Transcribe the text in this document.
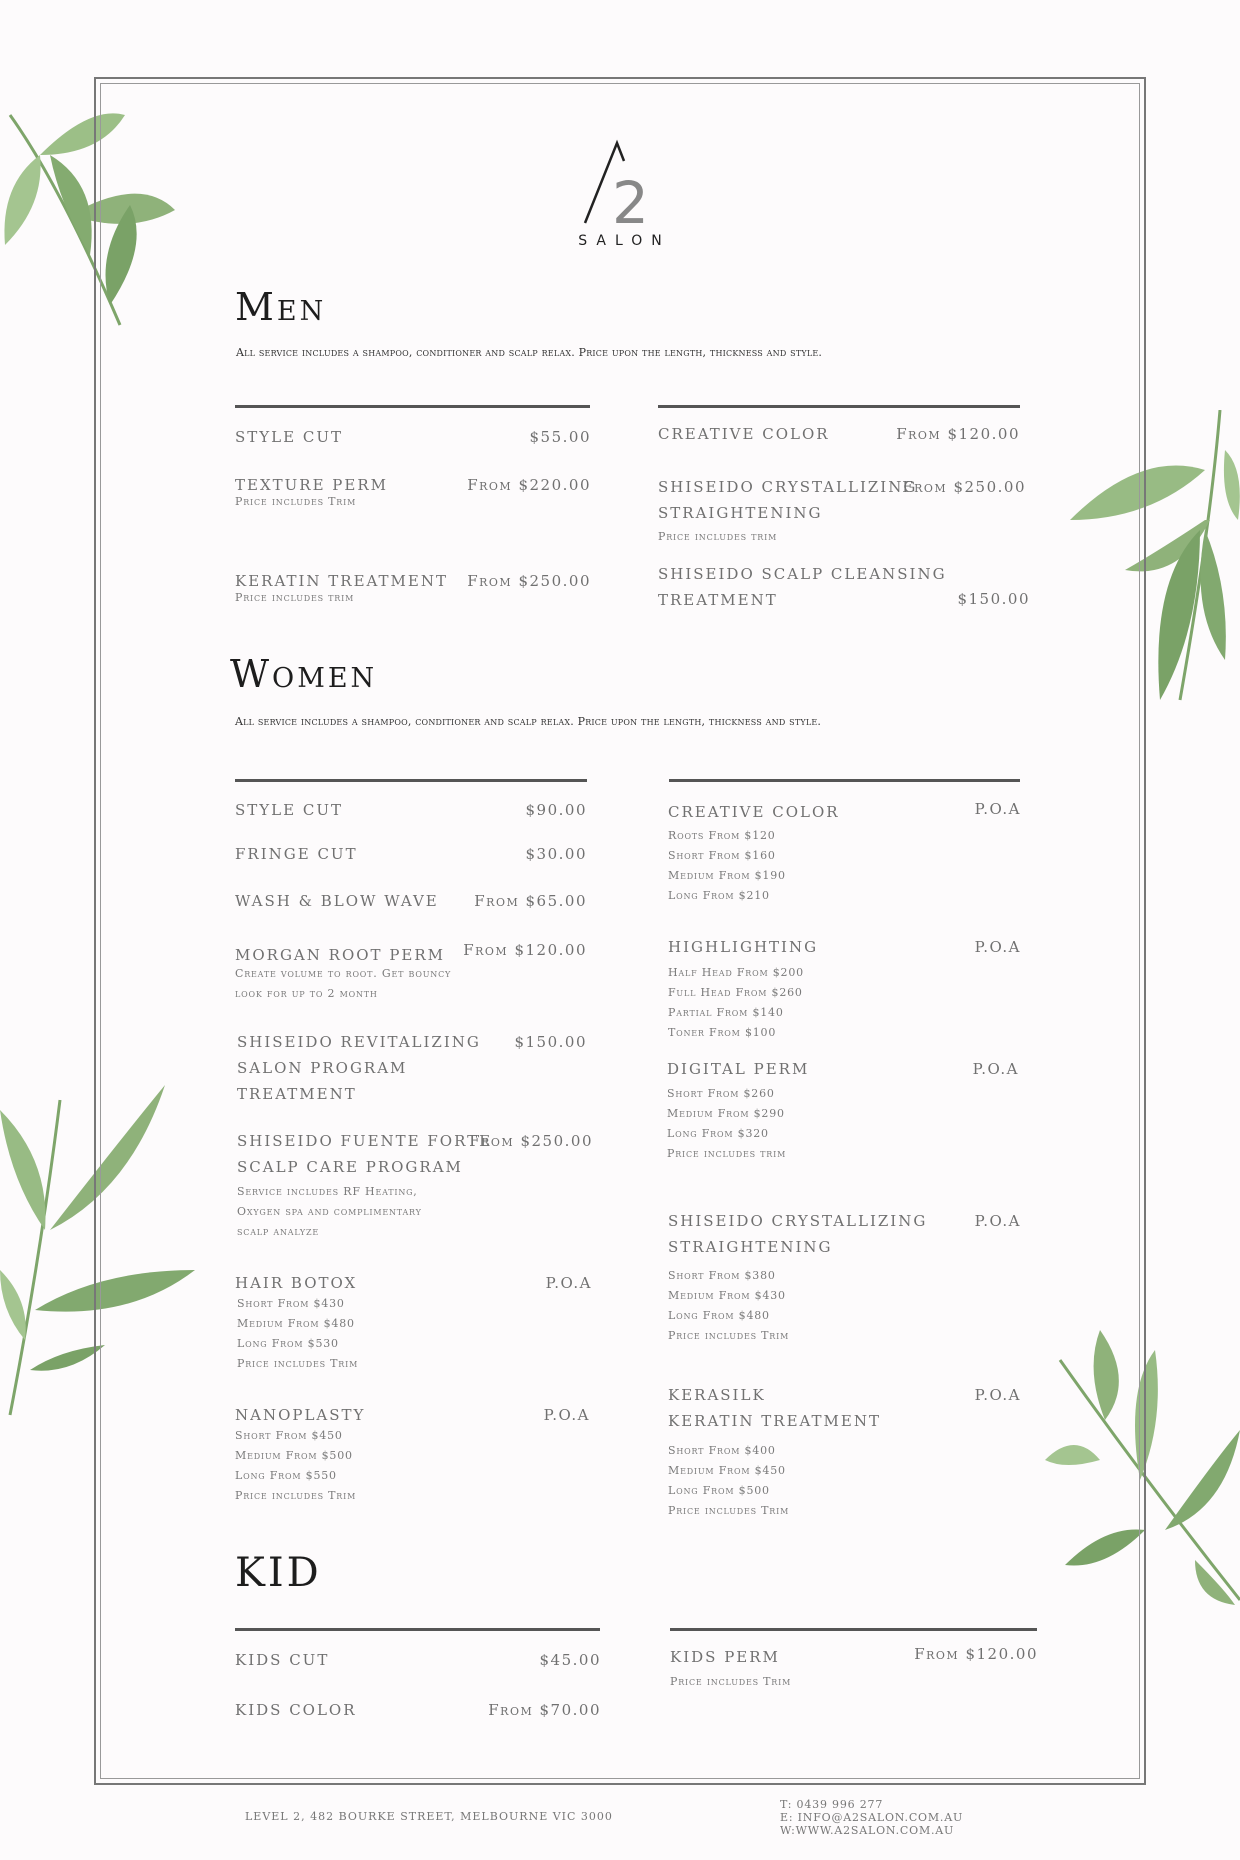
2
SALON
Men
All service includes a shampoo, conditioner and scalp relax. Price upon the length, thickness and style.
STYLE CUT	$55.00
TEXTURE PERM	From $220.00
Price includes Trim
KERATIN TREATMENT From $250.00
Price includes trim
CREATIVE COLOR	From $120.00
SHISEIDO CRYSTALLIZING
STRAIGHTENING
From $250.00
Price includes trim
SHISEIDO SCALP CLEANSING
TREATMENT	$150.00
Women
All service includes a shampoo, conditioner and scalp relax. Price upon the length, thickness and style.
STYLE CUT	$90.00
FRINGE CUT	$30.00
WASH & BLOW WAVE From $65.00
MORGAN ROOT PERM From $120.00
Create volume to root. Get bouncy
look for up to 2 month
SHISEIDO REVITALIZING
SALON PROGRAM
TREATMENT
$150.00
SHISEIDO FUENTE FORTE
SCALP CARE PROGRAM
From $250.00
Service includes RF Heating,
Oxygen spa and complimentary
scalp analyze
HAIR BOTOX	P.O.A
Short From $430
Medium From $480
Long From $530
Price includes Trim
NANOPLASTY	P.O.A
Short From $450
Medium From $500
Long From $550
Price includes Trim
CREATIVE COLOR	P.O.A
Roots From $120
Short From $160
Medium From $190
Long From $210
HIGHLIGHTING	P.O.A
Half Head From $200
Full Head From $260
Partial From $140
Toner From $100
DIGITAL PERM	P.O.A
Short From $260
Medium From $290
Long From $320
Price includes trim
SHISEIDO CRYSTALLIZING
STRAIGHTENING
P.O.A
Short From $380
Medium From $430
Long From $480
Price includes Trim
KERASILK
KERATIN TREATMENT
P.O.A
Short From $400
Medium From $450
Long From $500
Price includes Trim
KID
KIDS CUT	$45.00
KIDS COLOR	From $70.00
KIDS PERM	From $120.00
Price includes Trim
LEVEL 2, 482 BOURKE STREET, MELBOURNE VIC 3000
T: 0439 996 277
E: INFO@A2SALON.COM.AU
W:WWW.A2SALON.COM.AU
